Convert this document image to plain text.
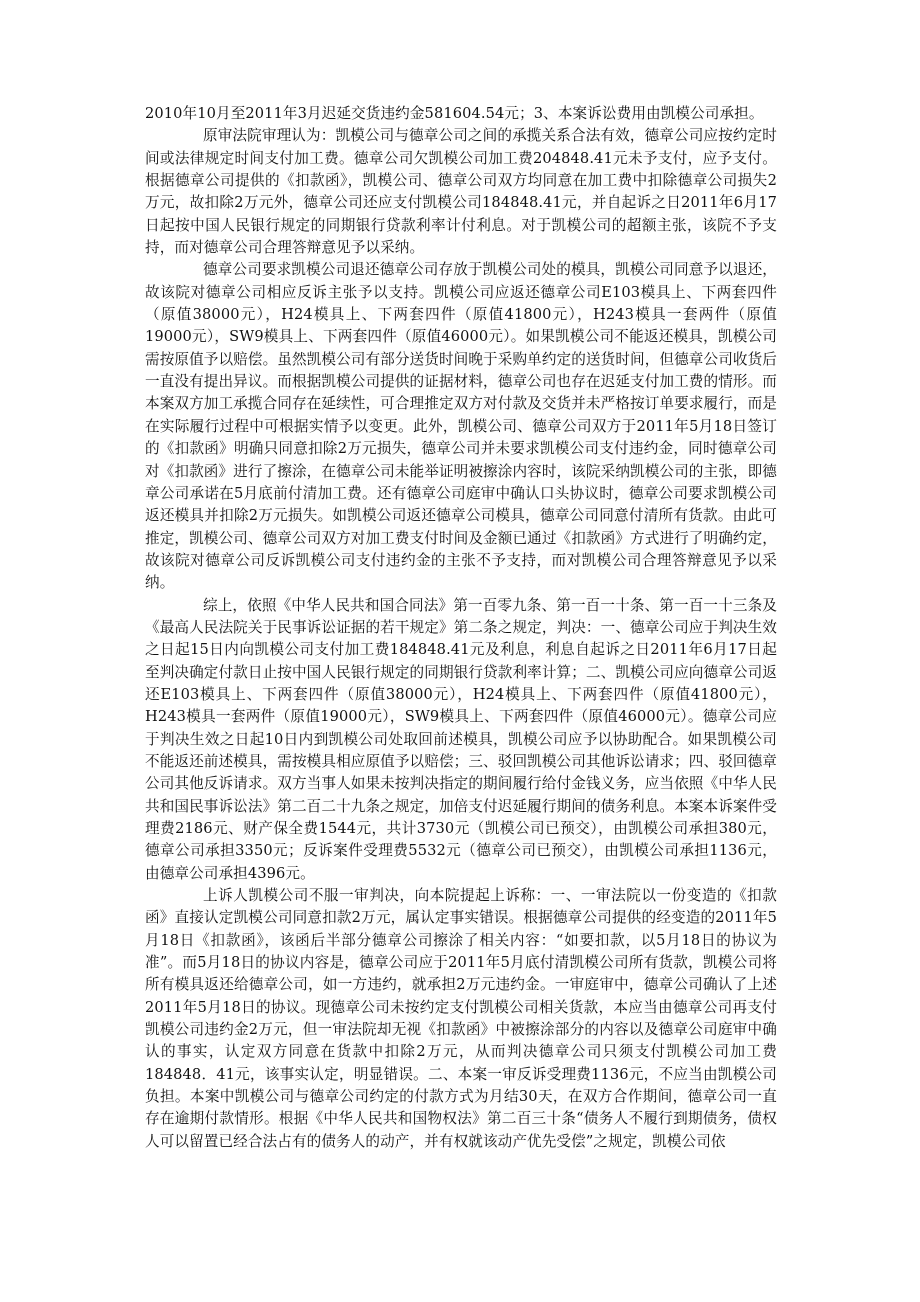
2010年10月至2011年3月迟延交货违约金581604.54元；3、本案诉讼费用由凯模公司承担。

原审法院审理认为：凯模公司与德章公司之间的承揽关系合法有效，德章公司应按约定时间或法律规定时间支付加工费。德章公司欠凯模公司加工费204848.41元未予支付，应予支付。根据德章公司提供的《扣款函》，凯模公司、德章公司双方均同意在加工费中扣除德章公司损失2万元，故扣除2万元外，德章公司还应支付凯模公司184848.41元，并自起诉之日2011年6月17日起按中国人民银行规定的同期银行贷款利率计付利息。对于凯模公司的超额主张，该院不予支持，而对德章公司合理答辩意见予以采纳。

德章公司要求凯模公司退还德章公司存放于凯模公司处的模具，凯模公司同意予以退还，故该院对德章公司相应反诉主张予以支持。凯模公司应返还德章公司E103模具上、下两套四件（原值38000元），H24模具上、下两套四件（原值41800元），H243模具一套两件（原值19000元），SW9模具上、下两套四件（原值46000元）。如果凯模公司不能返还模具，凯模公司需按原值予以赔偿。虽然凯模公司有部分送货时间晚于采购单约定的送货时间，但德章公司收货后一直没有提出异议。而根据凯模公司提供的证据材料，德章公司也存在迟延支付加工费的情形。而本案双方加工承揽合同存在延续性，可合理推定双方对付款及交货并未严格按订单要求履行，而是在实际履行过程中可根据实情予以变更。此外，凯模公司、德章公司双方于2011年5月18日签订的《扣款函》明确只同意扣除2万元损失，德章公司并未要求凯模公司支付违约金，同时德章公司对《扣款函》进行了擦涂，在德章公司未能举证明被擦涂内容时，该院采纳凯模公司的主张，即德章公司承诺在5月底前付清加工费。还有德章公司庭审中确认口头协议时，德章公司要求凯模公司返还模具并扣除2万元损失。如凯模公司返还德章公司模具，德章公司同意付清所有货款。由此可推定，凯模公司、德章公司双方对加工费支付时间及金额已通过《扣款函》方式进行了明确约定，故该院对德章公司反诉凯模公司支付违约金的主张不予支持，而对凯模公司合理答辩意见予以采纳。

综上，依照《中华人民共和国合同法》第一百零九条、第一百一十条、第一百一十三条及《最高人民法院关于民事诉讼证据的若干规定》第二条之规定，判决：一、德章公司应于判决生效之日起15日内向凯模公司支付加工费184848.41元及利息，利息自起诉之日2011年6月17日起至判决确定付款日止按中国人民银行规定的同期银行贷款利率计算；二、凯模公司应向德章公司返还E103模具上、下两套四件（原值38000元），H24模具上、下两套四件（原值41800元），H243模具一套两件（原值19000元），SW9模具上、下两套四件（原值46000元）。德章公司应于判决生效之日起10日内到凯模公司处取回前述模具，凯模公司应予以协助配合。如果凯模公司不能返还前述模具，需按模具相应原值予以赔偿；三、驳回凯模公司其他诉讼请求；四、驳回德章公司其他反诉请求。双方当事人如果未按判决指定的期间履行给付金钱义务，应当依照《中华人民共和国民事诉讼法》第二百二十九条之规定，加倍支付迟延履行期间的债务利息。本案本诉案件受理费2186元、财产保全费1544元，共计3730元（凯模公司已预交），由凯模公司承担380元，德章公司承担3350元；反诉案件受理费5532元（德章公司已预交），由凯模公司承担1136元，由德章公司承担4396元。

上诉人凯模公司不服一审判决，向本院提起上诉称：一、一审法院以一份变造的《扣款函》直接认定凯模公司同意扣款2万元，属认定事实错误。根据德章公司提供的经变造的2011年5月18日《扣款函》，该函后半部分德章公司擦涂了相关内容：“如要扣款，以5月18日的协议为准”。而5月18日的协议内容是，德章公司应于2011年5月底付清凯模公司所有货款，凯模公司将所有模具返还给德章公司，如一方违约，就承担2万元违约金。一审庭审中，德章公司确认了上述2011年5月18日的协议。现德章公司未按约定支付凯模公司相关货款，本应当由德章公司再支付凯模公司违约金2万元，但一审法院却无视《扣款函》中被擦涂部分的内容以及德章公司庭审中确认的事实，认定双方同意在货款中扣除2万元，从而判决德章公司只须支付凯模公司加工费184848．41元，该事实认定，明显错误。二、本案一审反诉受理费1136元，不应当由凯模公司负担。本案中凯模公司与德章公司约定的付款方式为月结30天，在双方合作期间，德章公司一直存在逾期付款情形。根据《中华人民共和国物权法》第二百三十条“债务人不履行到期债务，债权人可以留置已经合法占有的债务人的动产，并有权就该动产优先受偿”之规定，凯模公司依
